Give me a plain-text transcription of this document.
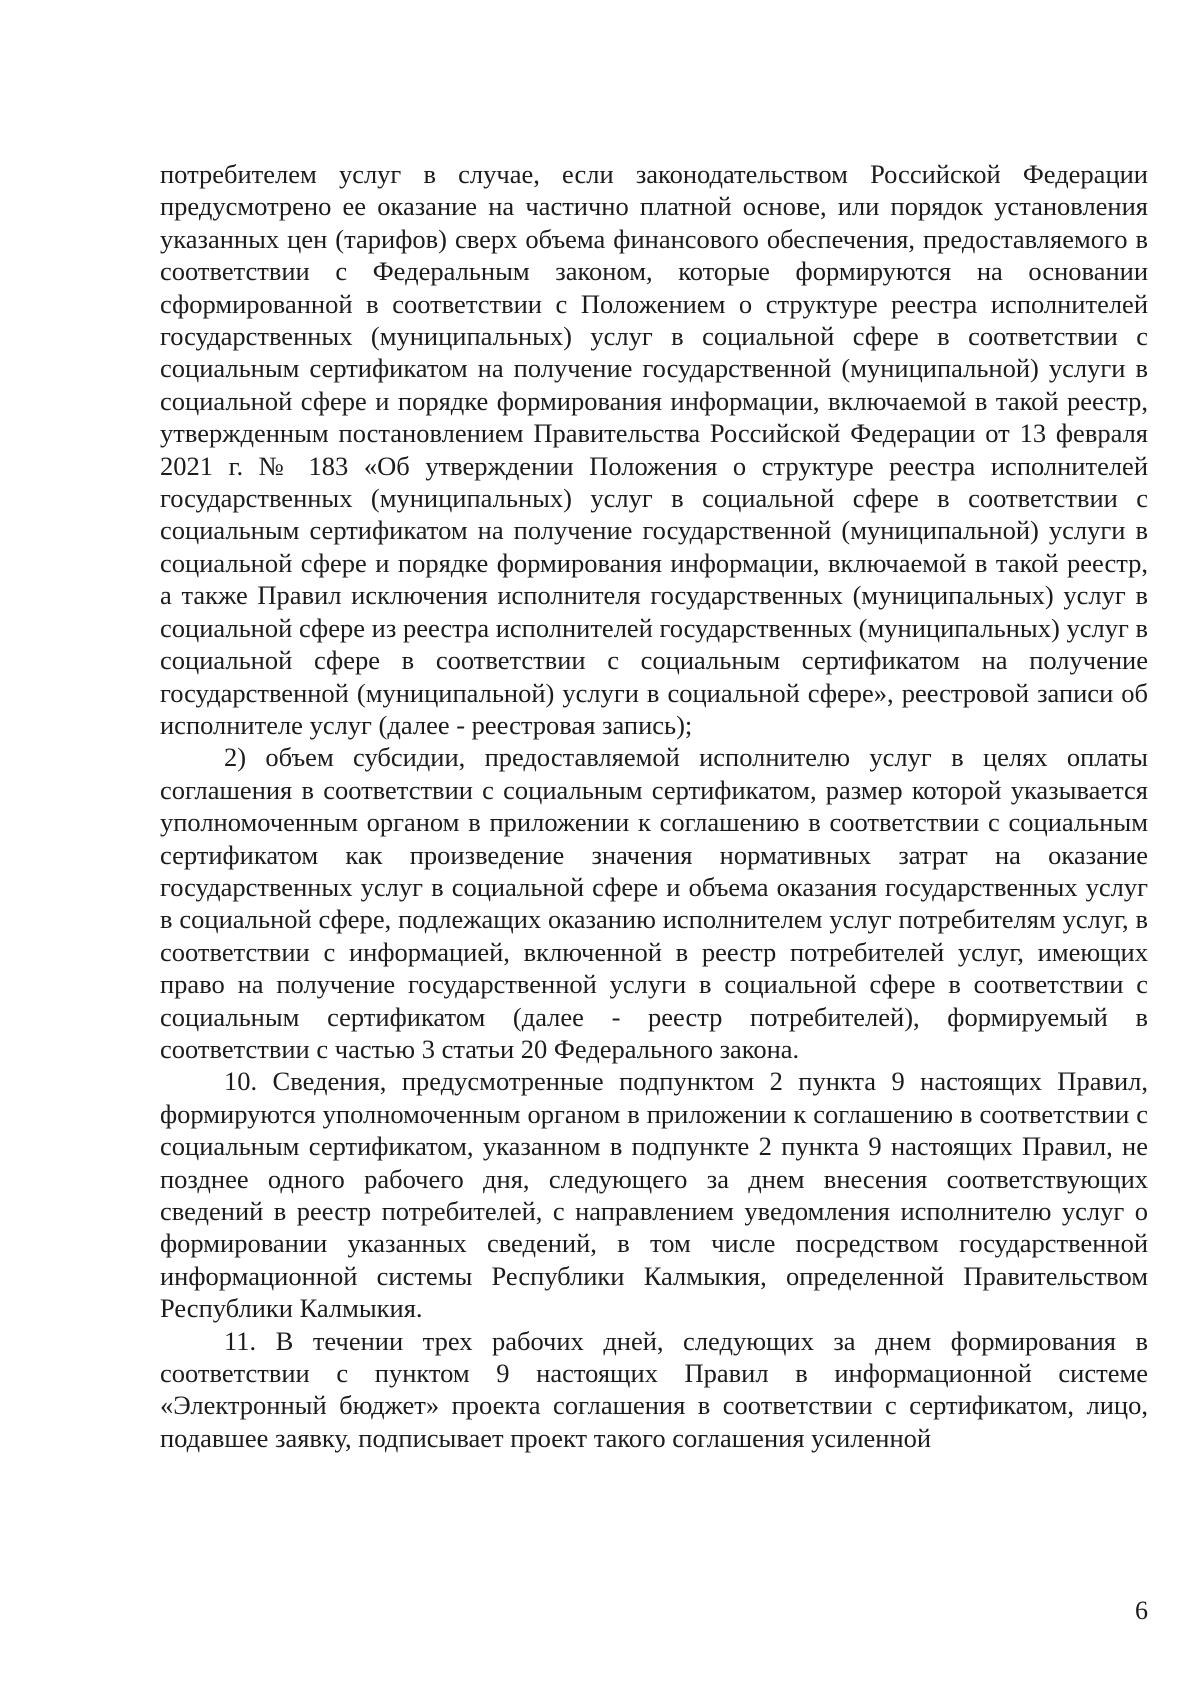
потребителем услуг в случае, если законодательством Российской Федерации предусмотрено ее оказание на частично платной основе, или порядок установления указанных цен (тарифов) сверх объема финансового обеспечения, предоставляемого в соответствии с Федеральным законом, которые формируются на основании сформированной в соответствии с Положением о структуре реестра исполнителей государственных (муниципальных) услуг в социальной сфере в соответствии с социальным сертификатом на получение государственной (муниципальной) услуги в социальной сфере и порядке формирования информации, включаемой в такой реестр, утвержденным постановлением Правительства Российской Федерации от 13 февраля 2021 г. № 183 «Об утверждении Положения о структуре реестра исполнителей государственных (муниципальных) услуг в социальной сфере в соответствии с социальным сертификатом на получение государственной (муниципальной) услуги в социальной сфере и порядке формирования информации, включаемой в такой реестр, а также Правил исключения исполнителя государственных (муниципальных) услуг в социальной сфере из реестра исполнителей государственных (муниципальных) услуг в социальной сфере в соответствии с социальным сертификатом на получение государственной (муниципальной) услуги в социальной сфере», реестровой записи об исполнителе услуг (далее - реестровая запись);

2) объем субсидии, предоставляемой исполнителю услуг в целях оплаты соглашения в соответствии с социальным сертификатом, размер которой указывается уполномоченным органом в приложении к соглашению в соответствии с социальным сертификатом как произведение значения нормативных затрат на оказание государственных услуг в социальной сфере и объема оказания государственных услуг в социальной сфере, подлежащих оказанию исполнителем услуг потребителям услуг, в соответствии с информацией, включенной в реестр потребителей услуг, имеющих право на получение государственной услуги в социальной сфере в соответствии с социальным сертификатом (далее - реестр потребителей), формируемый в соответствии с частью 3 статьи 20 Федерального закона.

10. Сведения, предусмотренные подпунктом 2 пункта 9 настоящих Правил, формируются уполномоченным органом в приложении к соглашению в соответствии с социальным сертификатом, указанном в подпункте 2 пункта 9 настоящих Правил, не позднее одного рабочего дня, следующего за днем внесения соответствующих сведений в реестр потребителей, с направлением уведомления исполнителю услуг о формировании указанных сведений, в том числе посредством государственной информационной системы Республики Калмыкия, определенной Правительством Республики Калмыкия.

11. В течении трех рабочих дней, следующих за днем формирования в соответствии с пунктом 9 настоящих Правил в информационной системе «Электронный бюджет» проекта соглашения в соответствии с сертификатом, лицо, подавшее заявку, подписывает проект такого соглашения усиленной

6
